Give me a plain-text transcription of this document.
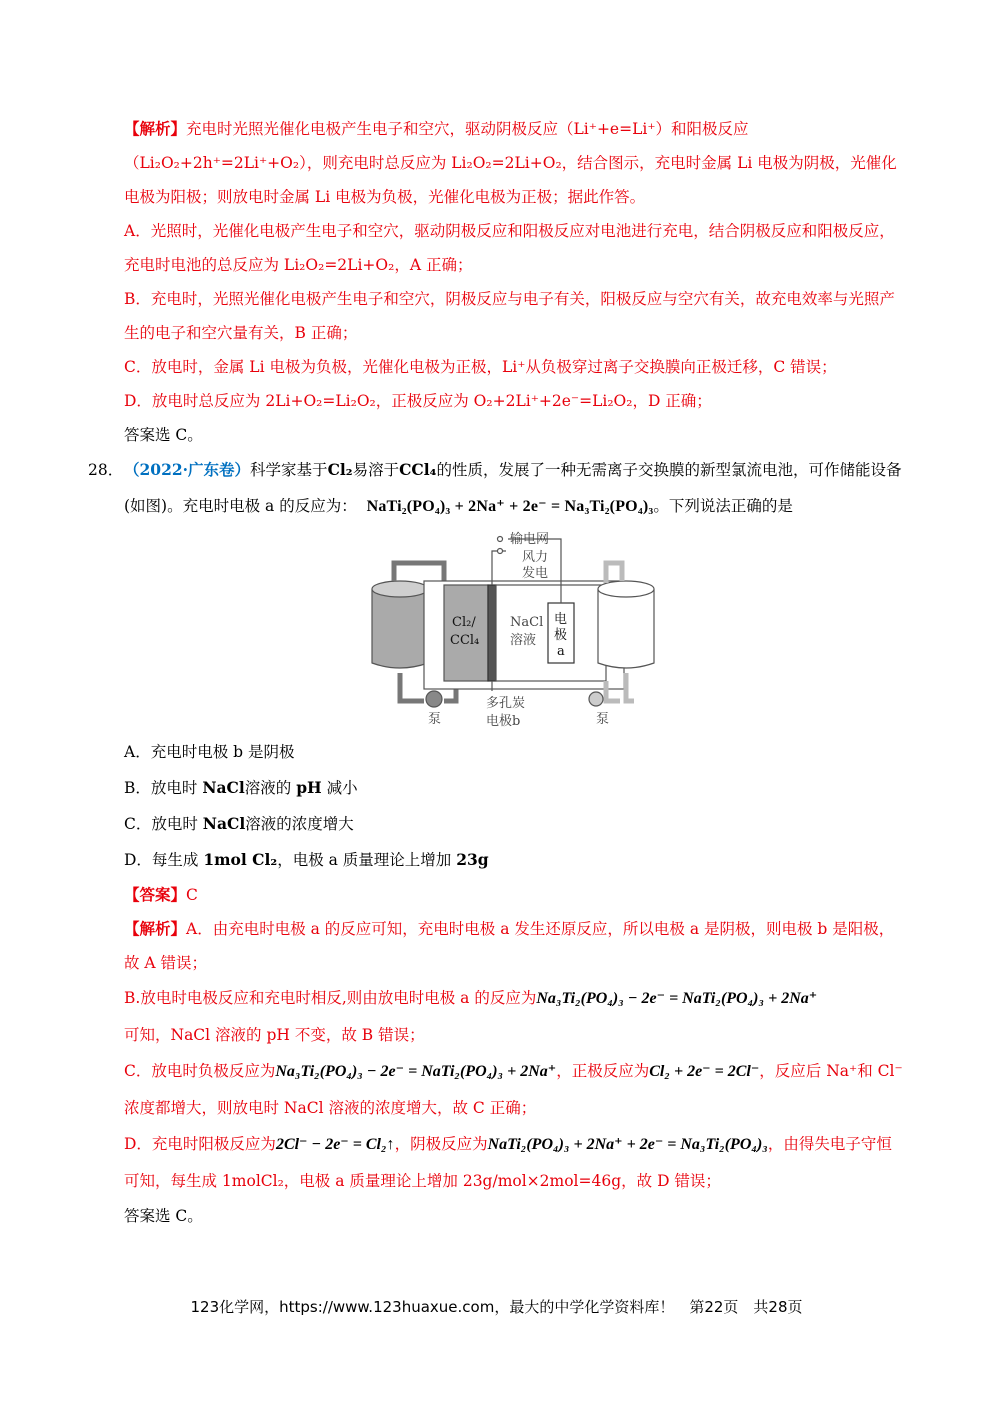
【解析】充电时光照光催化电极产生电子和空穴，驱动阴极反应（Li⁺+e=Li⁺）和阳极反应（Li₂O₂+2h⁺=2Li⁺+O₂），则充电时总反应为 Li₂O₂=2Li+O₂，结合图示，充电时金属 Li 电极为阴极，光催化电极为阳极；则放电时金属 Li 电极为负极，光催化电极为正极；据此作答。

A．光照时，光催化电极产生电子和空穴，驱动阴极反应和阳极反应对电池进行充电，结合阴极反应和阳极反应，充电时电池的总反应为 Li₂O₂=2Li+O₂，A 正确；

B．充电时，光照光催化电极产生电子和空穴，阴极反应与电子有关，阳极反应与空穴有关，故充电效率与光照产生的电子和空穴量有关，B 正确；

C．放电时，金属 Li 电极为负极，光催化电极为正极，Li⁺从负极穿过离子交换膜向正极迁移，C 错误；

D．放电时总反应为 2Li+O₂=Li₂O₂，正极反应为 O₂+2Li⁺+2e⁻=Li₂O₂，D 正确；

答案选 C。

28． （2022·广东卷）科学家基于Cl₂易溶于CCl₄的性质，发展了一种无需离子交换膜的新型氯流电池，可作储能设备(如图)。充电时电极 a 的反应为： NaTi₂(PO₄)₃ + 2Na⁺ + 2e⁻ = Na₃Ti₂(PO₄)₃。下列说法正确的是

输电网
风力
发电
Cl₂/
CCl₄
NaCl
溶液
电
极
a
泵	泵
多孔炭
电极b

A．充电时电极 b 是阴极

B．放电时 NaCl溶液的 pH 减小

C．放电时 NaCl溶液的浓度增大

D．每生成 1mol Cl₂，电极 a 质量理论上增加 23g

【答案】C

【解析】A．由充电时电极 a 的反应可知，充电时电极 a 发生还原反应，所以电极 a 是阴极，则电极 b 是阳极，故 A 错误；

B.放电时电极反应和充电时相反,则由放电时电极 a 的反应为Na₃Ti₂(PO₄)₃ − 2e⁻ = NaTi₂(PO₄)₃ + 2Na⁺
可知，NaCl 溶液的 pH 不变，故 B 错误；

C．放电时负极反应为Na₃Ti₂(PO₄)₃ − 2e⁻ = NaTi₂(PO₄)₃ + 2Na⁺，正极反应为Cl₂ + 2e⁻ = 2Cl⁻，反应后 Na⁺和 Cl⁻浓度都增大，则放电时 NaCl 溶液的浓度增大，故 C 正确；

D．充电时阳极反应为2Cl⁻ − 2e⁻ = Cl₂↑，阴极反应为NaTi₂(PO₄)₃ + 2Na⁺ + 2e⁻ = Na₃Ti₂(PO₄)₃，由得失电子守恒可知，每生成 1molCl₂，电极 a 质量理论上增加 23g/mol×2mol=46g，故 D 错误；

答案选 C。

123化学网，https://www.123huaxue.com，最大的中学化学资料库！　第22页　共28页
